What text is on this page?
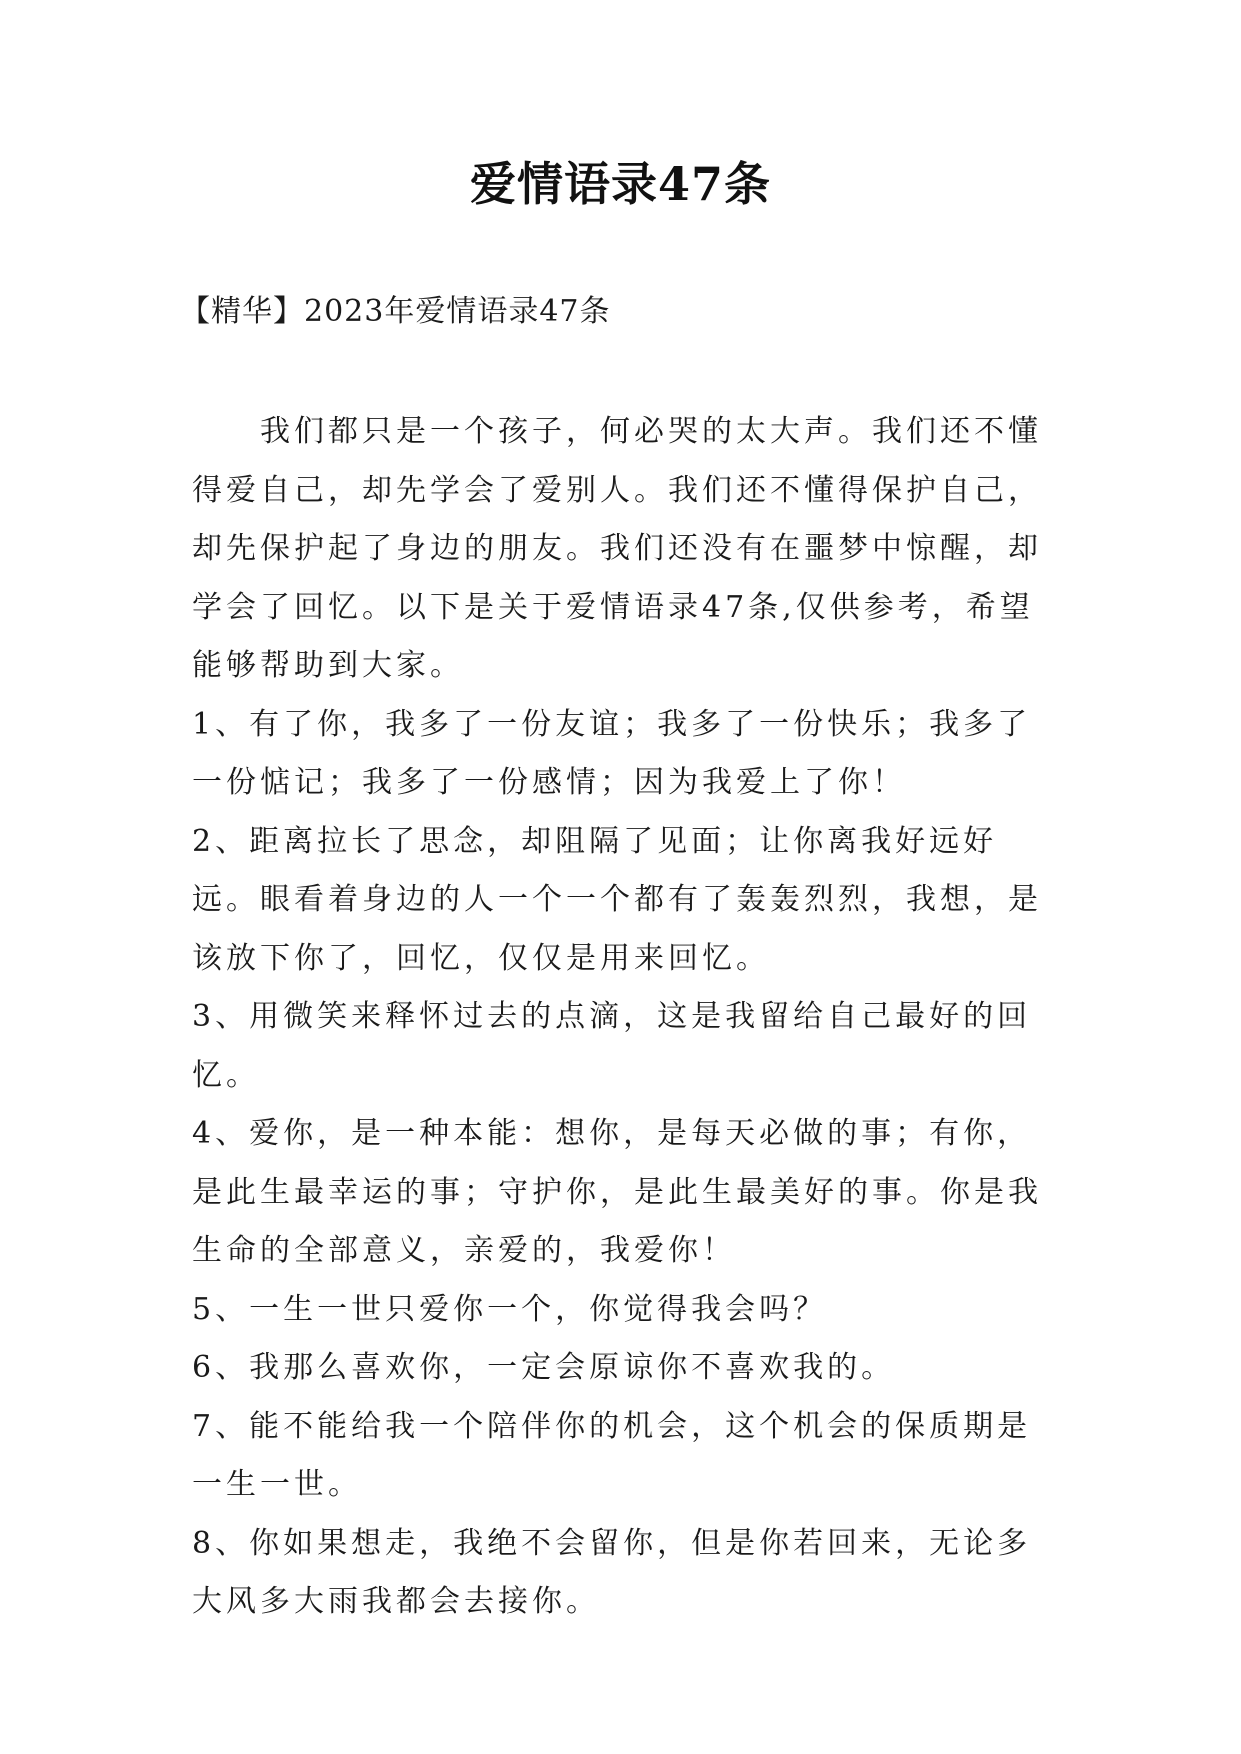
爱情语录47条
【精华】2023年爱情语录47条

我们都只是一个孩子，何必哭的太大声。我们还不懂得爱自己，却先学会了爱别人。我们还不懂得保护自己，却先保护起了身边的朋友。我们还没有在噩梦中惊醒，却学会了回忆。以下是关于爱情语录47条,仅供参考，希望能够帮助到大家。

1、有了你，我多了一份友谊；我多了一份快乐；我多了一份惦记；我多了一份感情；因为我爱上了你！

2、距离拉长了思念，却阻隔了见面；让你离我好远好远。眼看着身边的人一个一个都有了轰轰烈烈，我想，是该放下你了，回忆，仅仅是用来回忆。

3、用微笑来释怀过去的点滴，这是我留给自己最好的回忆。

4、爱你，是一种本能：想你，是每天必做的事；有你，是此生最幸运的事；守护你，是此生最美好的事。你是我生命的全部意义，亲爱的，我爱你！

5、一生一世只爱你一个，你觉得我会吗？

6、我那么喜欢你，一定会原谅你不喜欢我的。

7、能不能给我一个陪伴你的机会，这个机会的保质期是一生一世。

8、你如果想走，我绝不会留你，但是你若回来，无论多大风多大雨我都会去接你。
